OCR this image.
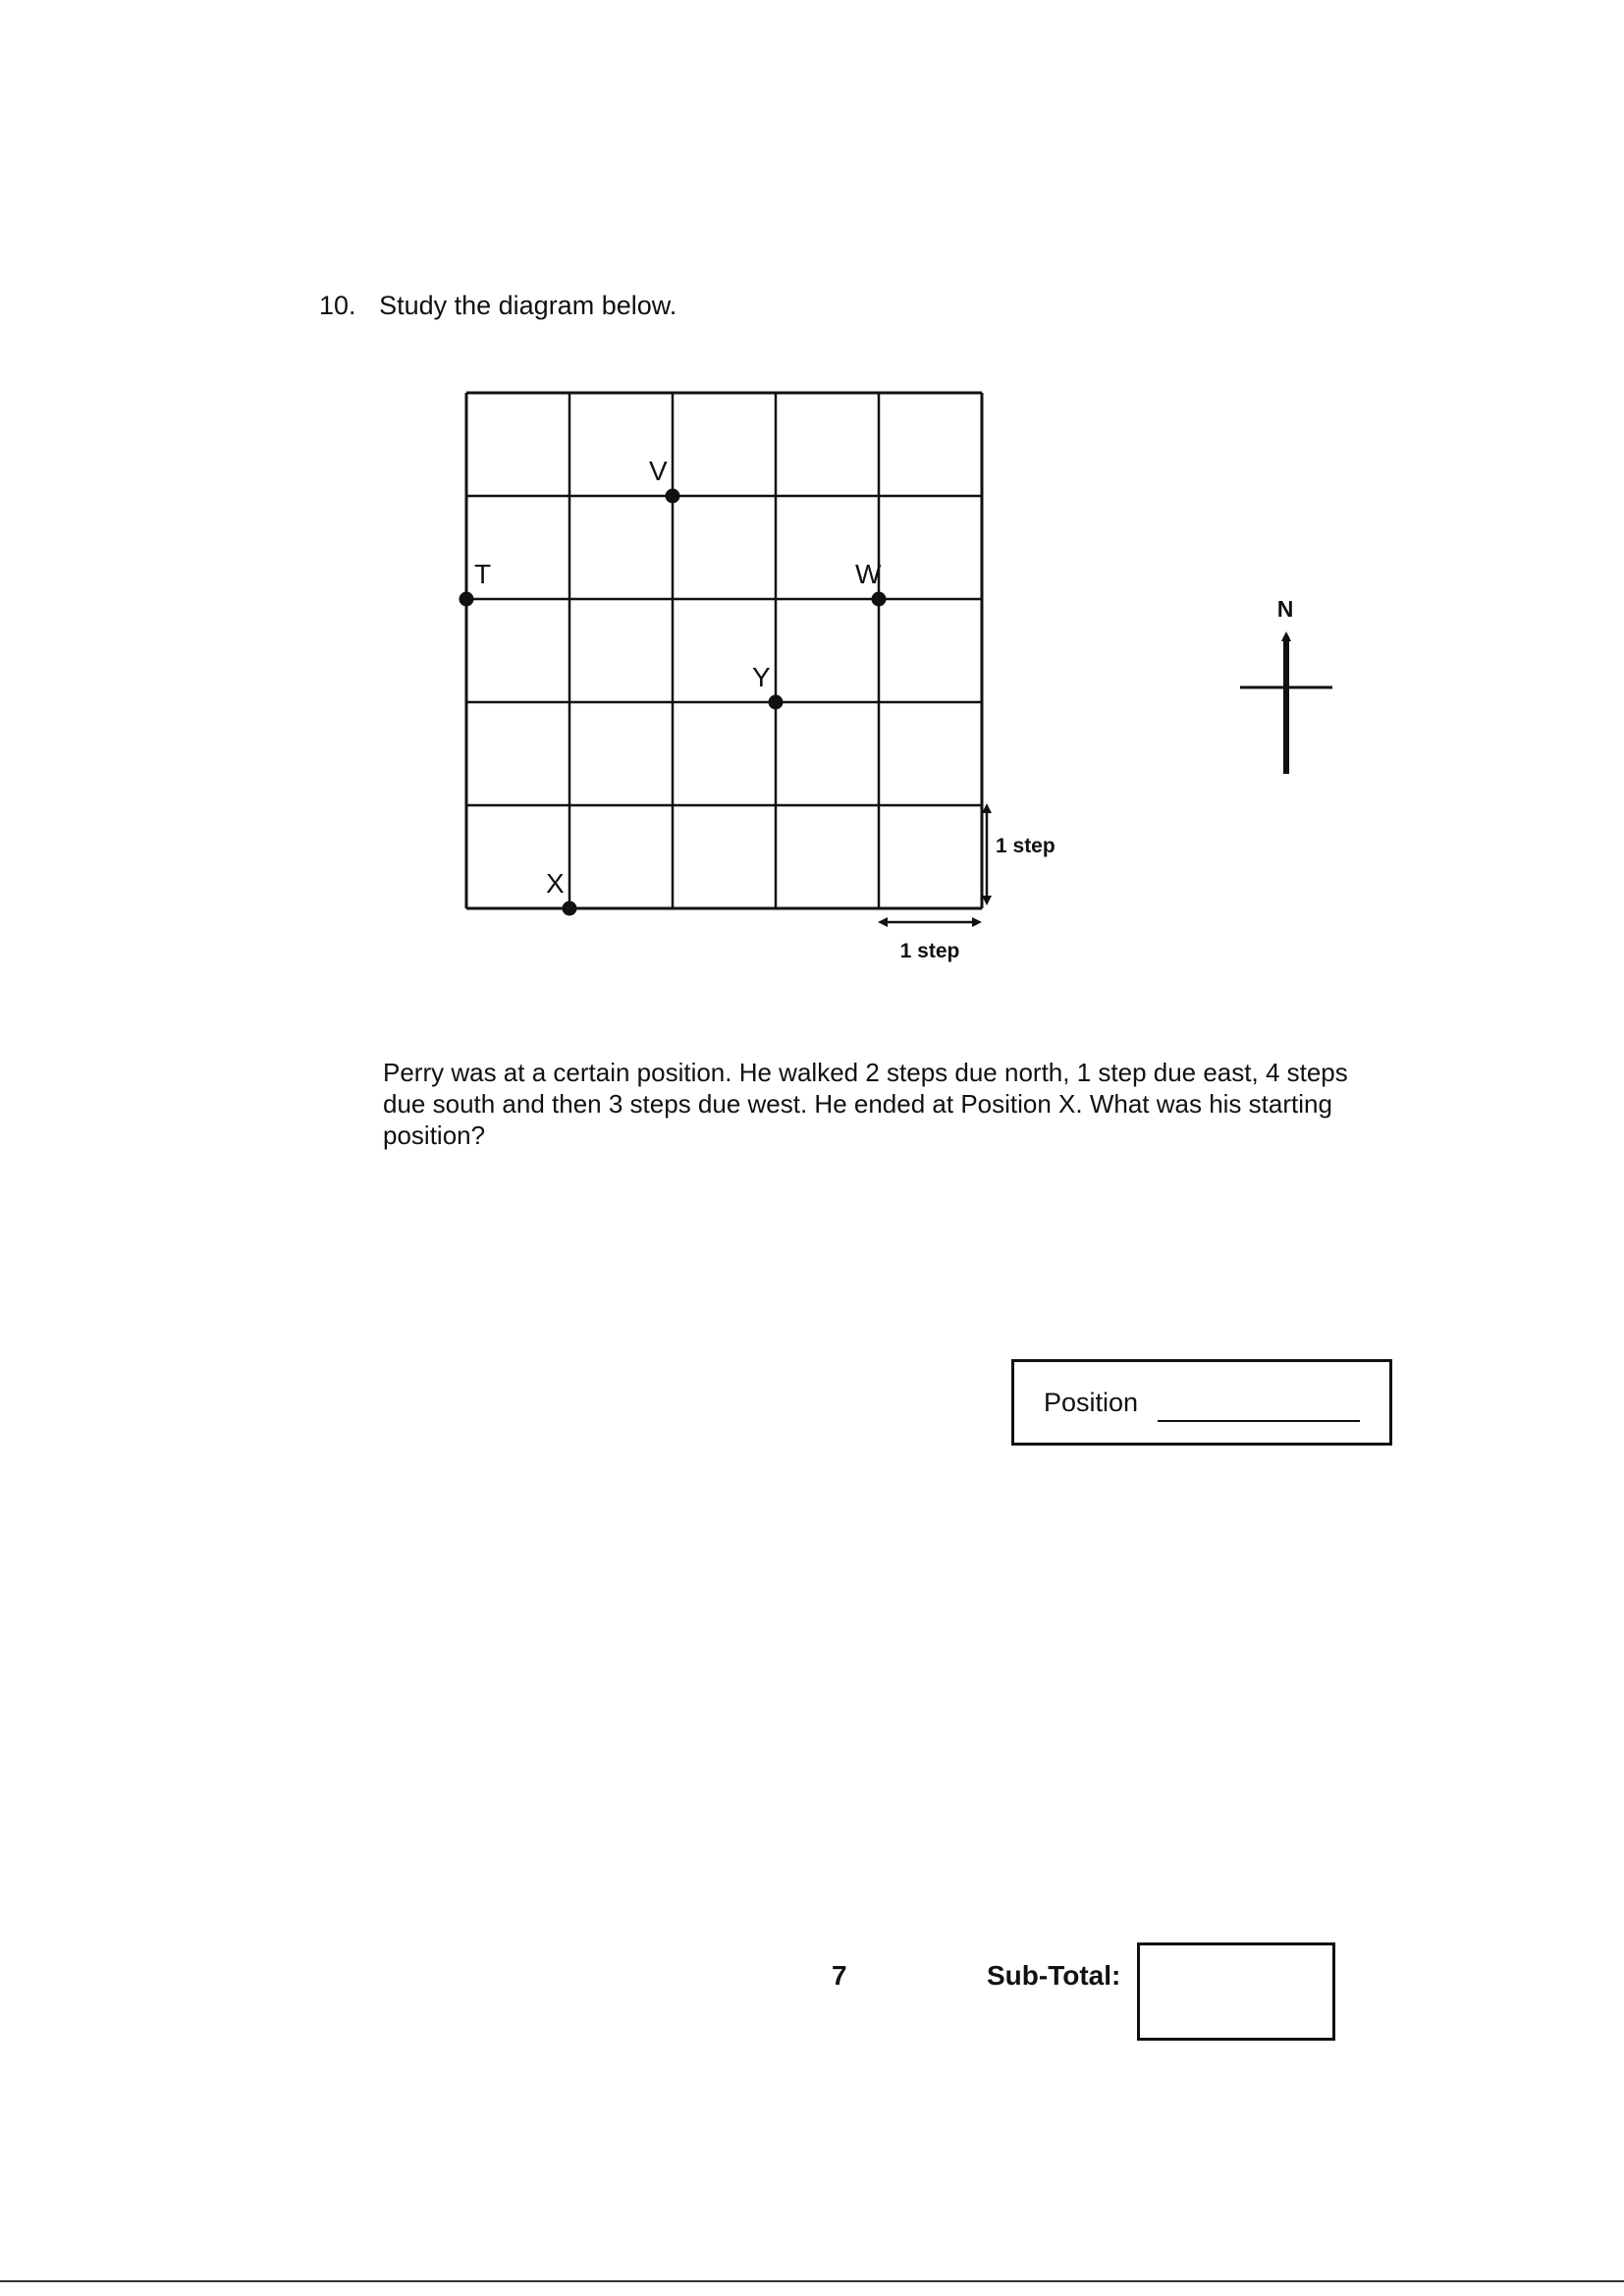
10. Study the diagram below.
V
T	W
Y
X
1 step
1 step
N
Perry was at a certain position. He walked 2 steps due north, 1 step due east, 4 steps due south and then 3 steps due west. He ended at Position X. What was his starting position?
Position
7	Sub-Total:
